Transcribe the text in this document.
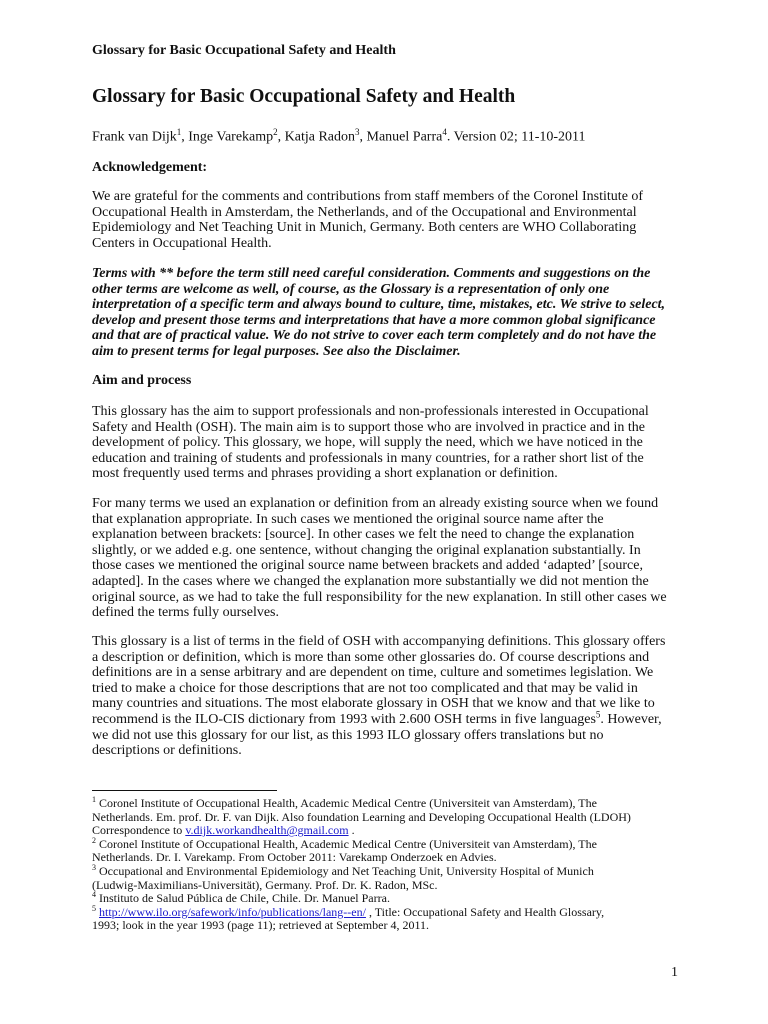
Glossary for Basic Occupational Safety and Health
Glossary for Basic Occupational Safety and Health
Frank van Dijk$^1$, Inge Varekamp$^2$, Katja Radon$^3$, Manuel Parra$^4$. Version 02; 11-10-2011
Acknowledgement:
We are grateful for the comments and contributions from staff members of the Coronel Institute of
Occupational Health in Amsterdam, the Netherlands, and of the Occupational and Environmental
Epidemiology and Net Teaching Unit in Munich, Germany. Both centers are WHO Collaborating
Centers in Occupational Health.
Terms with ** before the term still need careful consideration. Comments and suggestions on the
other terms are welcome as well, of course, as the Glossary is a representation of only one
interpretation of a specific term and always bound to culture, time, mistakes, etc. We strive to select,
develop and present those terms and interpretations that have a more common global significance
and that are of practical value. We do not strive to cover each term completely and do not have the
aim to present terms for legal purposes. See also the Disclaimer.
Aim and process
This glossary has the aim to support professionals and non-professionals interested in Occupational
Safety and Health (OSH). The main aim is to support those who are involved in practice and in the
development of policy. This glossary, we hope, will supply the need, which we have noticed in the
education and training of students and professionals in many countries, for a rather short list of the
most frequently used terms and phrases providing a short explanation or definition.
For many terms we used an explanation or definition from an already existing source when we found
that explanation appropriate. In such cases we mentioned the original source name after the
explanation between brackets: [source]. In other cases we felt the need to change the explanation
slightly, or we added e.g. one sentence, without changing the original explanation substantially. In
those cases we mentioned the original source name between brackets and added ‘adapted’ [source,
adapted]. In the cases where we changed the explanation more substantially we did not mention the
original source, as we had to take the full responsibility for the new explanation. In still other cases we
defined the terms fully ourselves.
This glossary is a list of terms in the field of OSH with accompanying definitions. This glossary offers
a description or definition, which is more than some other glossaries do. Of course descriptions and
definitions are in a sense arbitrary and are dependent on time, culture and sometimes legislation. We
tried to make a choice for those descriptions that are not too complicated and that may be valid in
many countries and situations. The most elaborate glossary in OSH that we know and that we like to
recommend is the ILO-CIS dictionary from 1993 with 2.600 OSH terms in five languages$^5$. However,
we did not use this glossary for our list, as this 1993 ILO glossary offers translations but no
descriptions or definitions.
$^1$ Coronel Institute of Occupational Health, Academic Medical Centre (Universiteit van Amsterdam), The
Netherlands. Em. prof. Dr. F. van Dijk. Also foundation Learning and Developing Occupational Health (LDOH)
Correspondence to v.dijk.workandhealth@gmail.com .
$^2$ Coronel Institute of Occupational Health, Academic Medical Centre (Universiteit van Amsterdam), The
Netherlands. Dr. I. Varekamp. From October 2011: Varekamp Onderzoek en Advies.
$^3$ Occupational and Environmental Epidemiology and Net Teaching Unit, University Hospital of Munich
(Ludwig-Maximilians-Universität), Germany. Prof. Dr. K. Radon, MSc.
$^4$ Instituto de Salud Pública de Chile, Chile. Dr. Manuel Parra.
$^5$ http://www.ilo.org/safework/info/publications/lang--en/ , Title: Occupational Safety and Health Glossary,
1993; look in the year 1993 (page 11); retrieved at September 4, 2011.
1
